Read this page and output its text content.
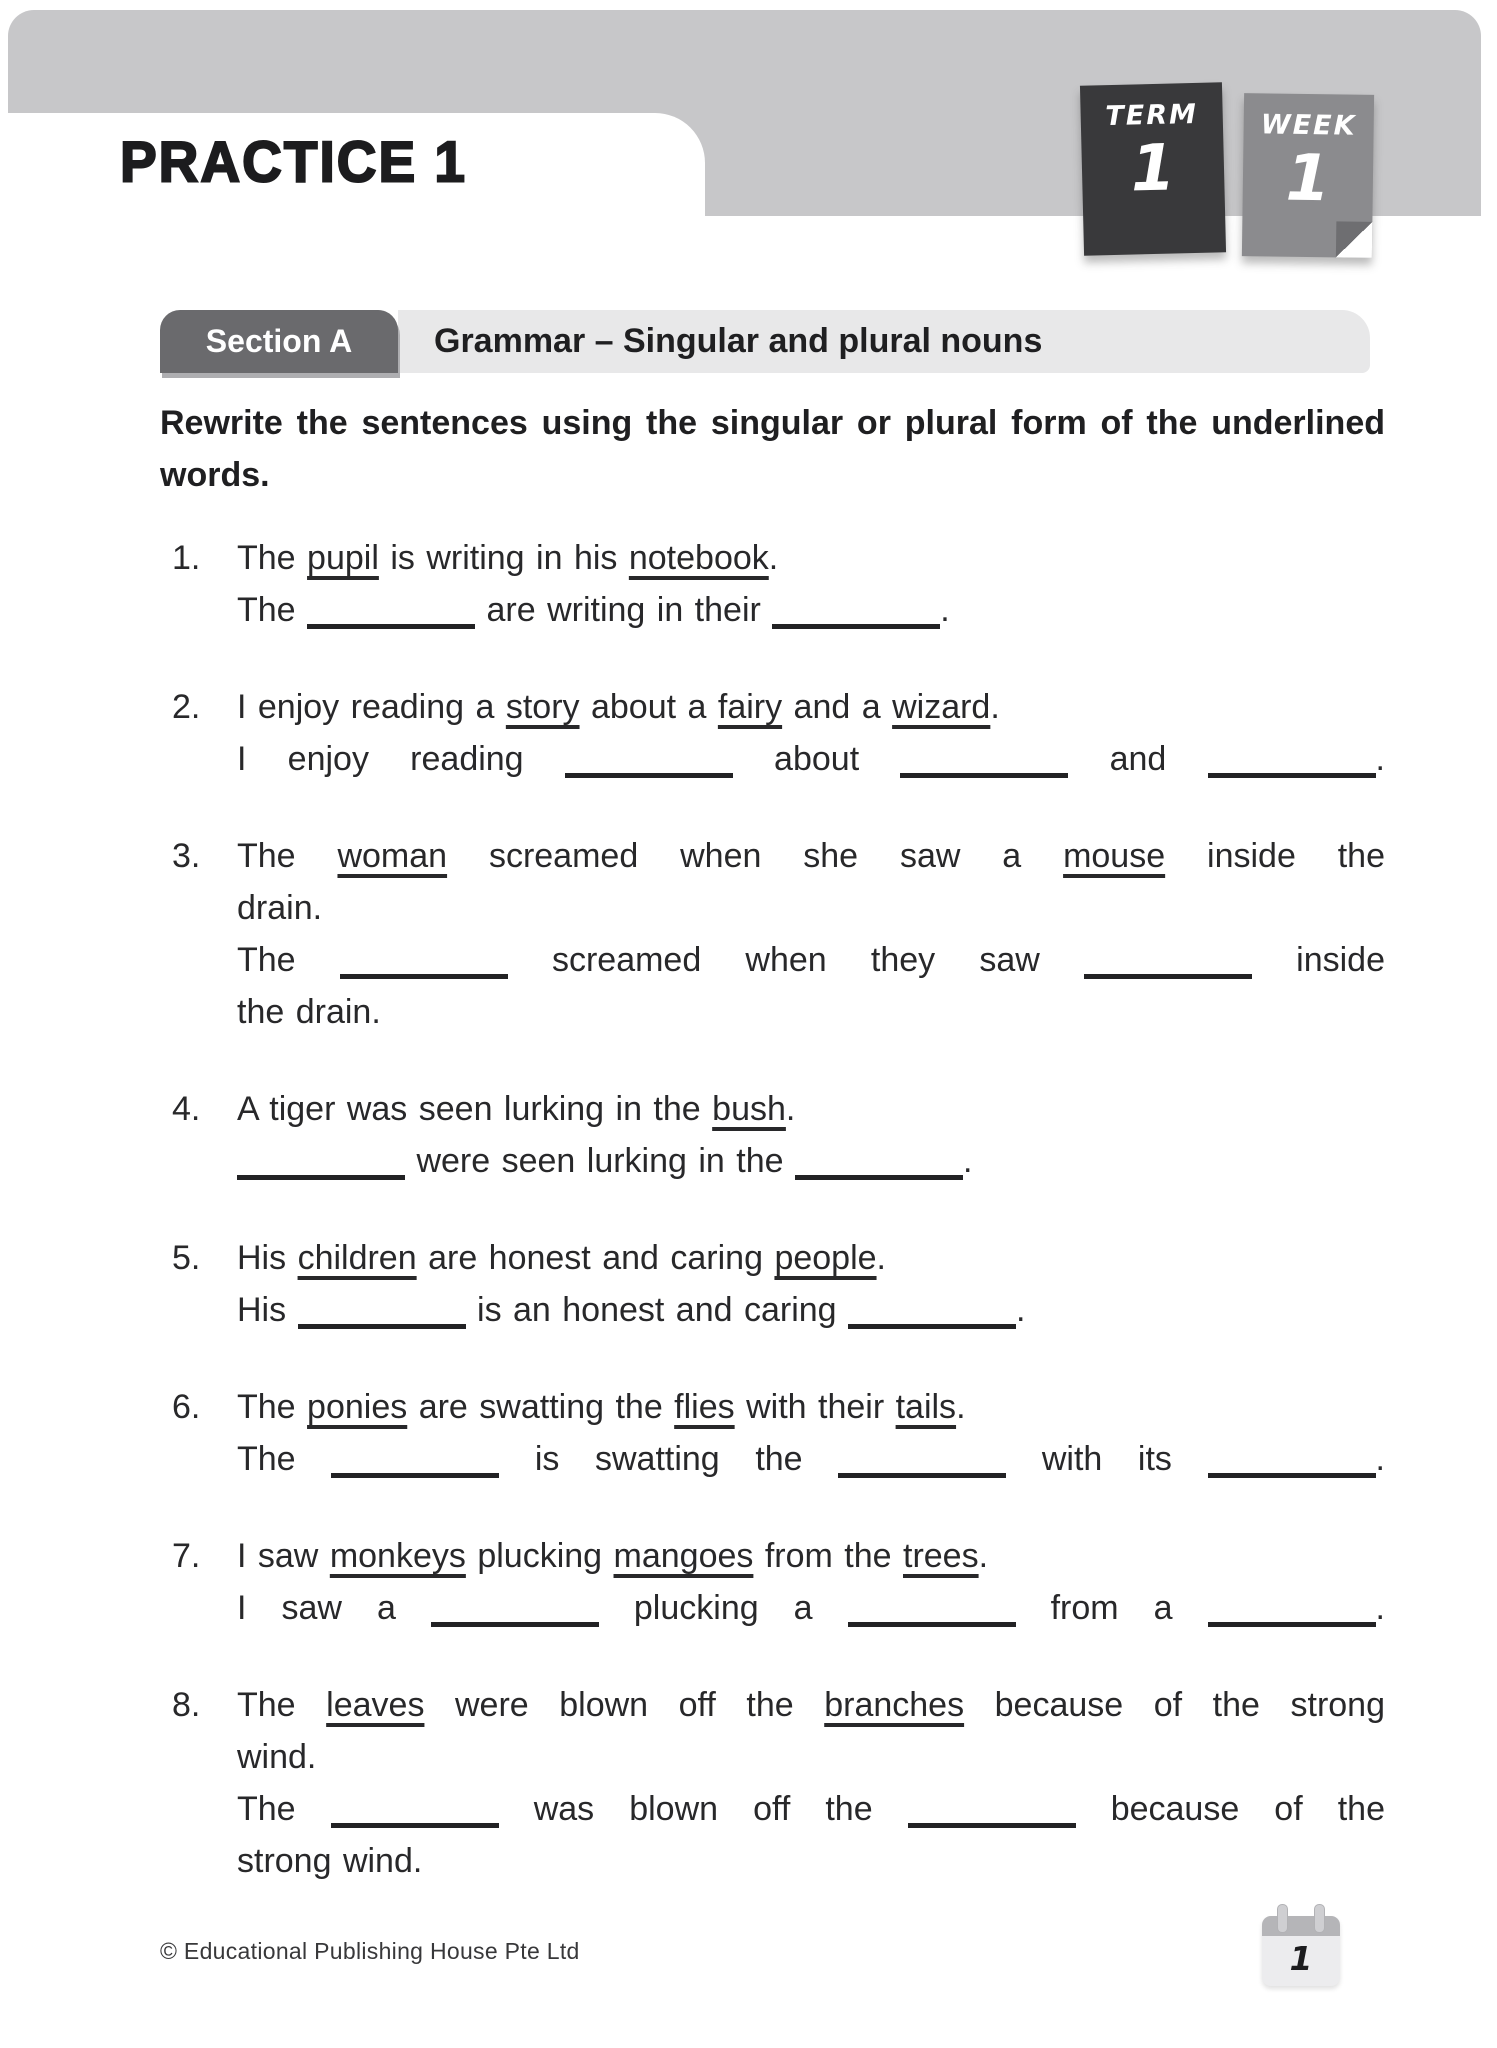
PRACTICE 1
TERM
1
WEEK
1
Section A	Grammar – Singular and plural nouns
Rewrite the sentences using the singular or plural form of the underlined
words.
1.	The pupil is writing in his notebook.
The	are writing in their	.
2.	I enjoy reading a story about a fairy and a wizard.
I enjoy reading	about	and	.
3.	The woman screamed when she saw a mouse inside the
drain.
The	screamed when they saw	inside
the drain.
4.	A tiger was seen lurking in the bush.
were seen lurking in the	.
5.	His children are honest and caring people.
His	is an honest and caring	.
6.	The ponies are swatting the flies with their tails.
The	is swatting the	with its	.
7.	I saw monkeys plucking mangoes from the trees.
I saw a	plucking a	from a	.
8.	The leaves were blown off the branches because of the strong
wind.
The	was blown off the	because of the
strong wind.
© Educational Publishing House Pte Ltd	1
